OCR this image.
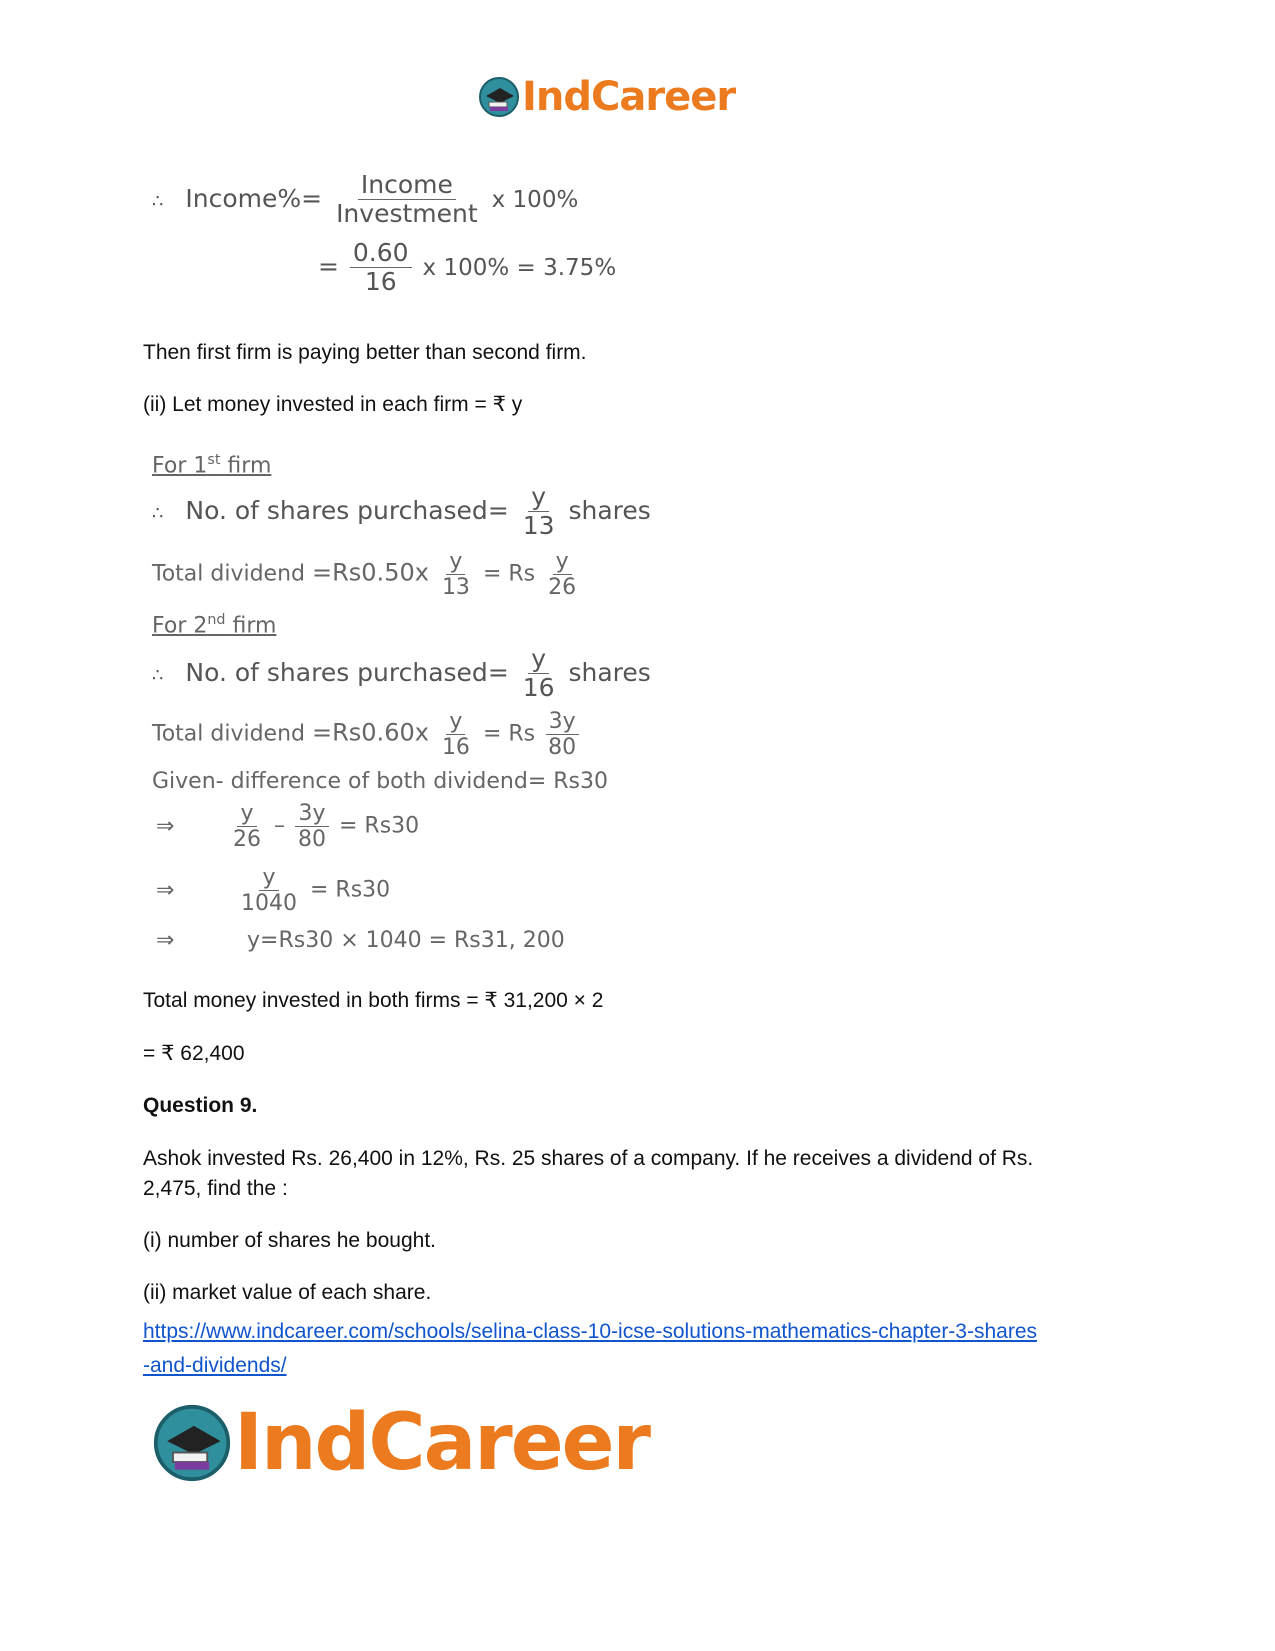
IndCareer
∴ Income%= $\frac{\text{Income}}{\text{Investment}}$ x 100%
= $\frac{0.60}{16}$ x 100% = 3.75%
Then first firm is paying better than second firm.
(ii) Let money invested in each firm = ₹ y
For 1st firm
∴ No. of shares purchased= $\frac{y}{13}$ shares
Total dividend $=Rs0.50x \frac{y}{13} = Rs \frac{y}{26}$
For 2nd firm
∴ No. of shares purchased= $\frac{y}{16}$ shares
Total dividend $=Rs0.60x \frac{y}{16} = Rs \frac{3y}{80}$
Given- difference of both dividend= Rs30
⇒	$\frac{y}{26} - \frac{3y}{80} = Rs30$
⇒	$\frac{y}{1040} = Rs30$
⇒	y=Rs30 × 1040 = Rs31, 200
Total money invested in both firms = ₹ 31,200 × 2
= ₹ 62,400
Question 9.
Ashok invested Rs. 26,400 in 12%, Rs. 25 shares of a company. If he receives a dividend of Rs.
2,475, find the :
(i) number of shares he bought.
(ii) market value of each share.
https://www.indcareer.com/schools/selina-class-10-icse-solutions-mathematics-chapter-3-shares
-and-dividends/
IndCareer
